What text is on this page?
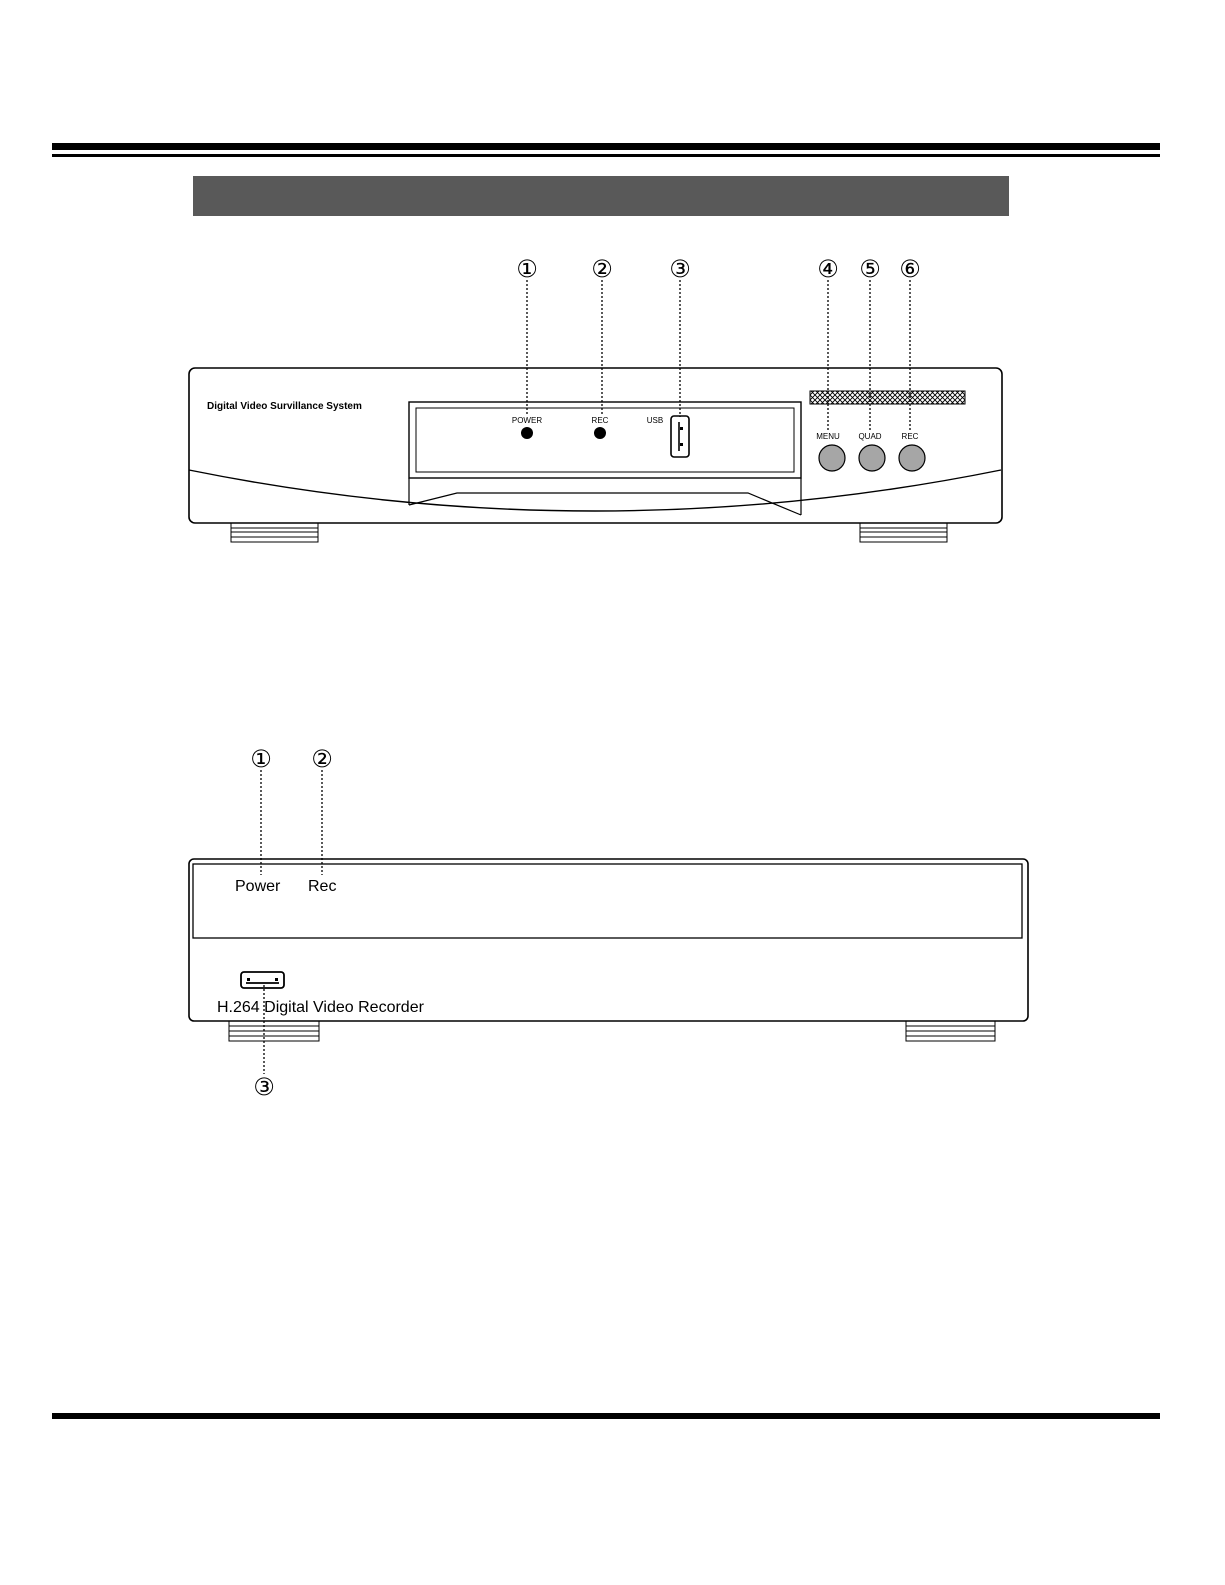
Digital Video Survillance System
POWER	REC	USB
MENU QUAD REC
① ② ③	④ ⑤ ⑥
Power Rec
H.264 Digital Video Recorder
① ②
③
